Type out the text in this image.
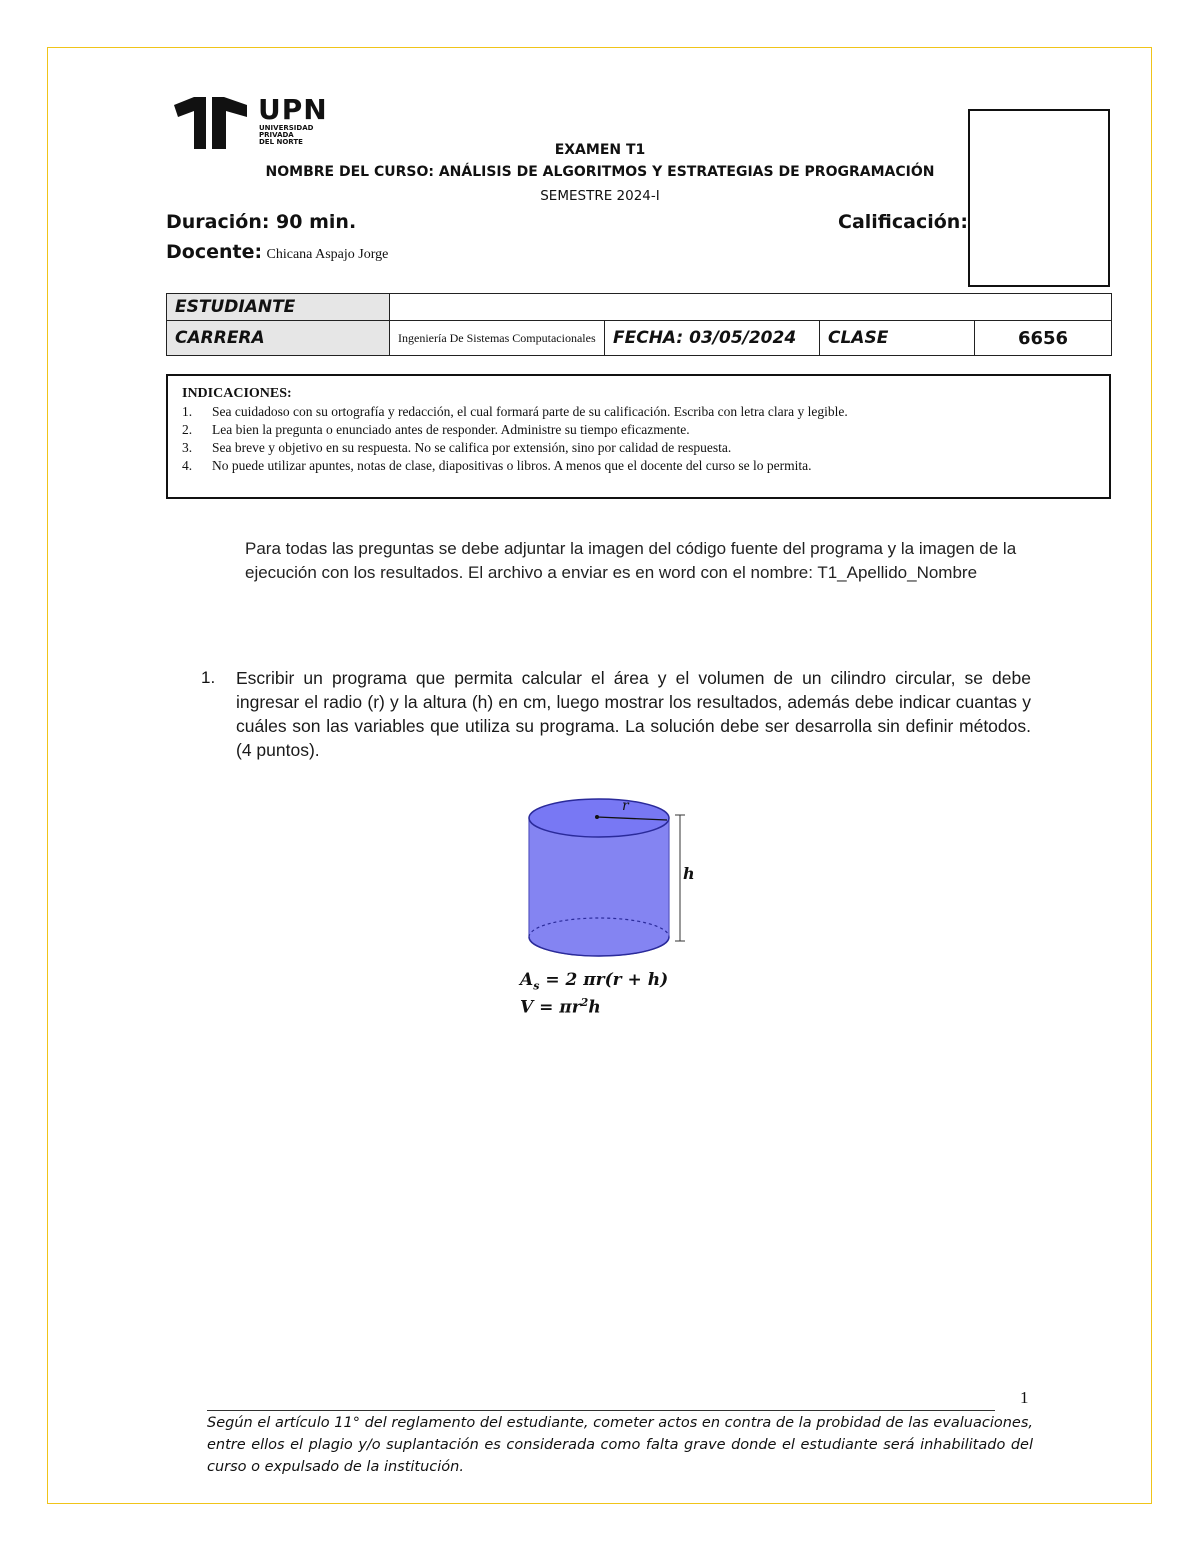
UPN
UNIVERSIDAD
PRIVADA
DEL NORTE	EXAMEN T1
NOMBRE DEL CURSO: ANÁLISIS DE ALGORITMOS Y ESTRATEGIAS DE PROGRAMACIÓN
SEMESTRE 2024-I
Duración: 90 min.	Calificación:
Docente: Chicana Aspajo Jorge
ESTUDIANTE				
CARRERA	Ingeniería De Sistemas Computacionales	FECHA: 03/05/2024	CLASE	6656
INDICACIONES:
1.	Sea cuidadoso con su ortografía y redacción, el cual formará parte de su calificación. Escriba con letra clara y legible.
2.	Lea bien la pregunta o enunciado antes de responder. Administre su tiempo eficazmente.
3.	Sea breve y objetivo en su respuesta. No se califica por extensión, sino por calidad de respuesta.
4.	No puede utilizar apuntes, notas de clase, diapositivas o libros. A menos que el docente del curso se lo permita.
Para todas las preguntas se debe adjuntar la imagen del código fuente del programa y la imagen de la ejecución con los resultados. El archivo a enviar es en word con el nombre: T1_Apellido_Nombre
1. Escribir un programa que permita calcular el área y el volumen de un cilindro circular, se debe ingresar el radio (r) y la altura (h) en cm, luego mostrar los resultados, además debe indicar cuantas y cuáles son las variables que utiliza su programa. La solución debe ser desarrolla sin definir métodos. (4 puntos).
r
h
$A_s = 2$ πr(r + h)
$V = \pi r^2h$
1
Según el artículo 11° del reglamento del estudiante, cometer actos en contra de la probidad de las evaluaciones, entre ellos el plagio y/o suplantación es considerada como falta grave donde el estudiante será inhabilitado del curso o expulsado de la institución.
